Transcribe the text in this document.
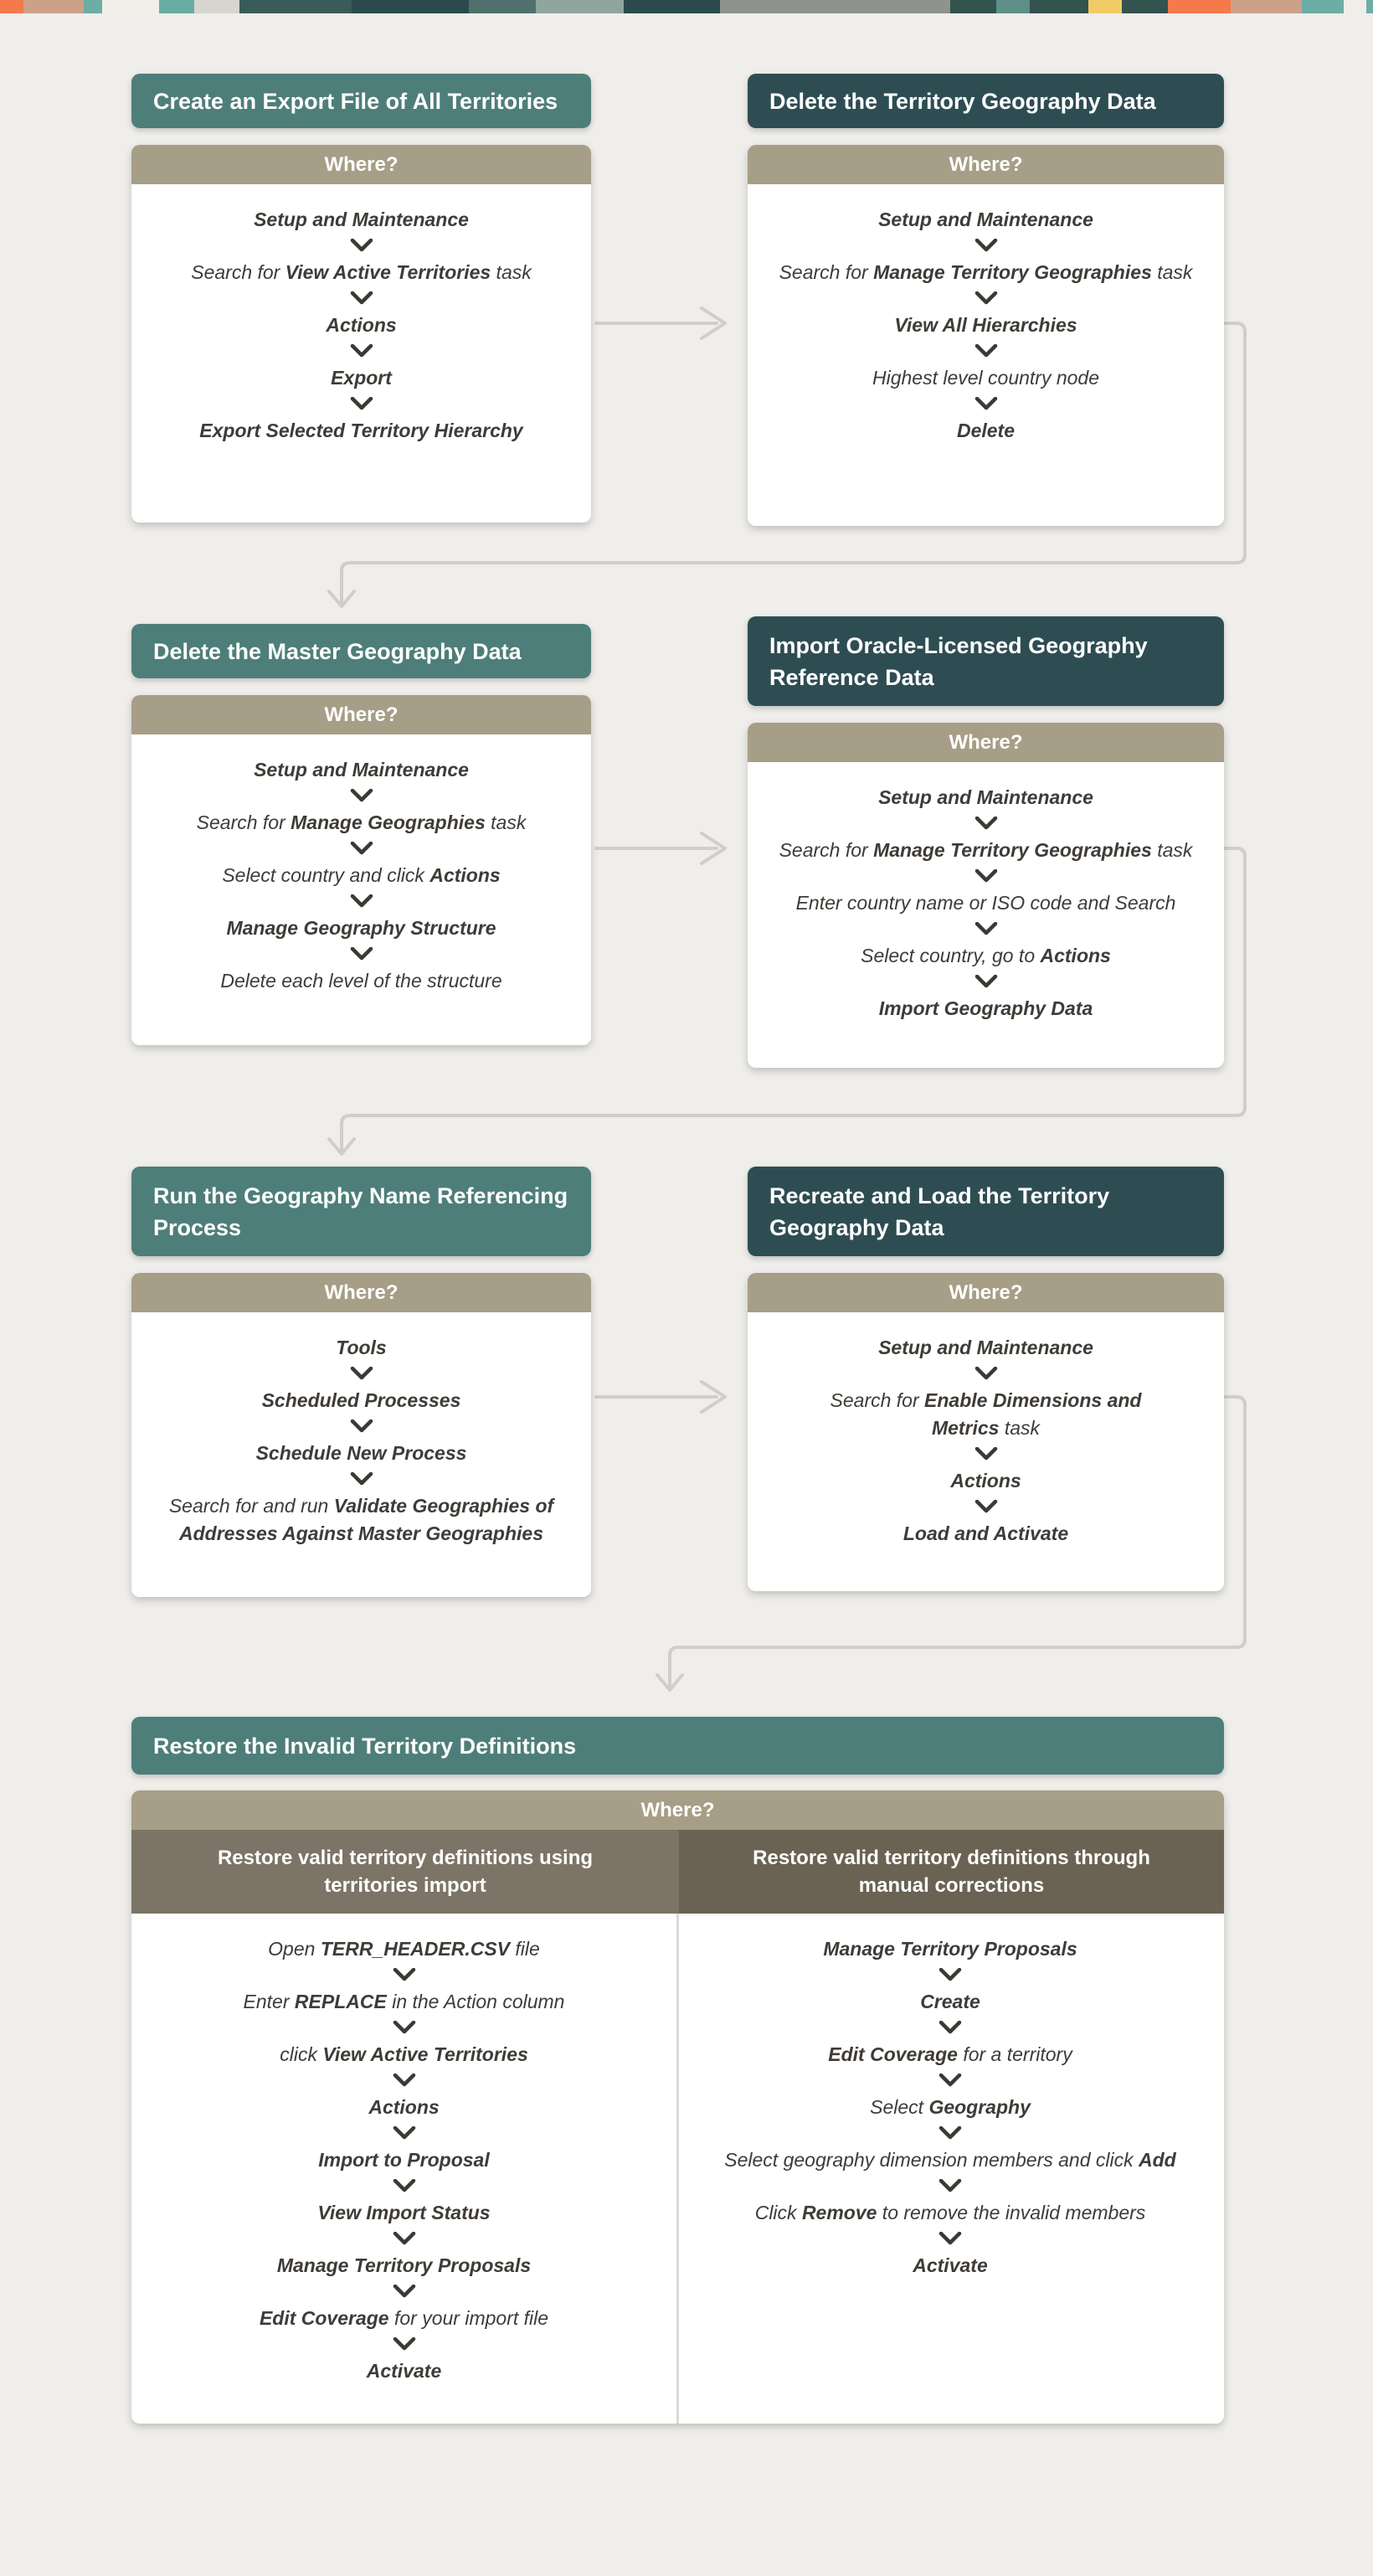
Create an Export File of All Territories
Where?
Setup and Maintenance
Search for View Active Territories task
Actions
Export
Export Selected Territory Hierarchy
Delete the Territory Geography Data
Where?
Setup and Maintenance
Search for Manage Territory Geographies task
View All Hierarchies
Highest level country node
Delete
Delete the Master Geography Data
Where?
Setup and Maintenance
Search for Manage Geographies task
Select country and click Actions
Manage Geography Structure
Delete each level of the structure
Import Oracle-Licensed Geography Reference Data
Where?
Setup and Maintenance
Search for Manage Territory Geographies task
Enter country name or ISO code and Search
Select country, go to Actions
Import Geography Data
Run the Geography Name Referencing Process
Where?
Tools
Scheduled Processes
Schedule New Process
Search for and run Validate Geographies of Addresses Against Master Geographies
Recreate and Load the Territory Geography Data
Where?
Setup and Maintenance
Search for Enable Dimensions and Metrics task
Actions
Load and Activate
Restore the Invalid Territory Definitions
Where?
Restore valid territory definitions using territories import
Restore valid territory definitions through manual corrections
Open TERR_HEADER.CSV file
Enter REPLACE in the Action column
click View Active Territories
Actions
Import to Proposal
View Import Status
Manage Territory Proposals
Edit Coverage for your import file
Activate
Manage Territory Proposals
Create
Edit Coverage for a territory
Select Geography
Select geography dimension members and click Add
Click Remove to remove the invalid members
Activate
